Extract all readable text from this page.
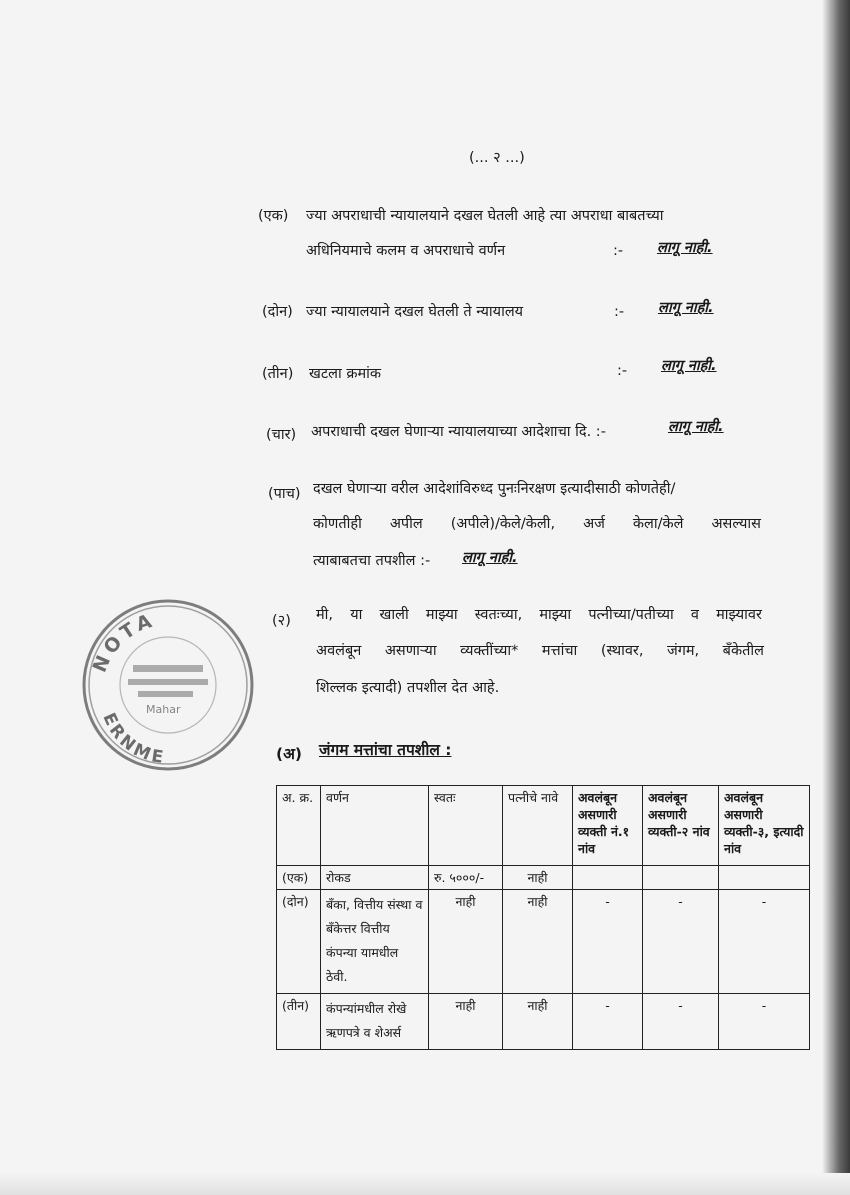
(... २ ...)
(एक) ज्या अपराधाची न्यायालयाने दखल घेतली आहे त्या अपराधा बाबतच्या
अधिनियमाचे कलम व अपराधाचे वर्णन	:- लागू नाही.
(दोन) ज्या न्यायालयाने दखल घेतली ते न्यायालय	:- लागू नाही.
(तीन) खटला क्रमांक	:- लागू नाही.
(चार) अपराधाची दखल घेणाऱ्या न्यायालयाच्या आदेशाचा दि. :-	लागू नाही.
(पाच) दखल घेणाऱ्या वरील आदेशांविरुध्द पुनःनिरक्षण इत्यादीसाठी कोणतेही/
कोणतीही अपील (अपीले)/केले/केली, अर्ज केला/केले असल्यास
त्याबाबतचा तपशील :- लागू नाही.
(२) मी, या खाली माझ्या स्वतःच्या, माझ्या पत्नीच्या/पतीच्या व माझ्यावर
अवलंबून असणाऱ्या व्यक्तींच्या* मत्तांचा (स्थावर, जंगम, बँकेतील
शिल्लक इत्यादी) तपशील देत आहे.
(अ) जंगम मत्तांचा तपशील :
NOTA
ERNME
Mahar
अ. क्र.	वर्णन	स्वतः	पत्नीचे नावे	अवलंबून असणारी व्यक्ती नं.१ नांव	अवलंबून असणारी व्यक्ती-२ नांव	अवलंबून असणारी व्यक्ती-३, इत्यादी नांव
(एक)	रोकड	रु. ५०००/-	नाही			
(दोन)	बँका, वित्तीय संस्था व बँकेत्तर वित्तीय कंपन्या यामधील ठेवी.	नाही	नाही	-	-	-
(तीन)	कंपन्यांमधील रोखे ऋणपत्रे व शेअर्स	नाही	नाही	-	-	-
